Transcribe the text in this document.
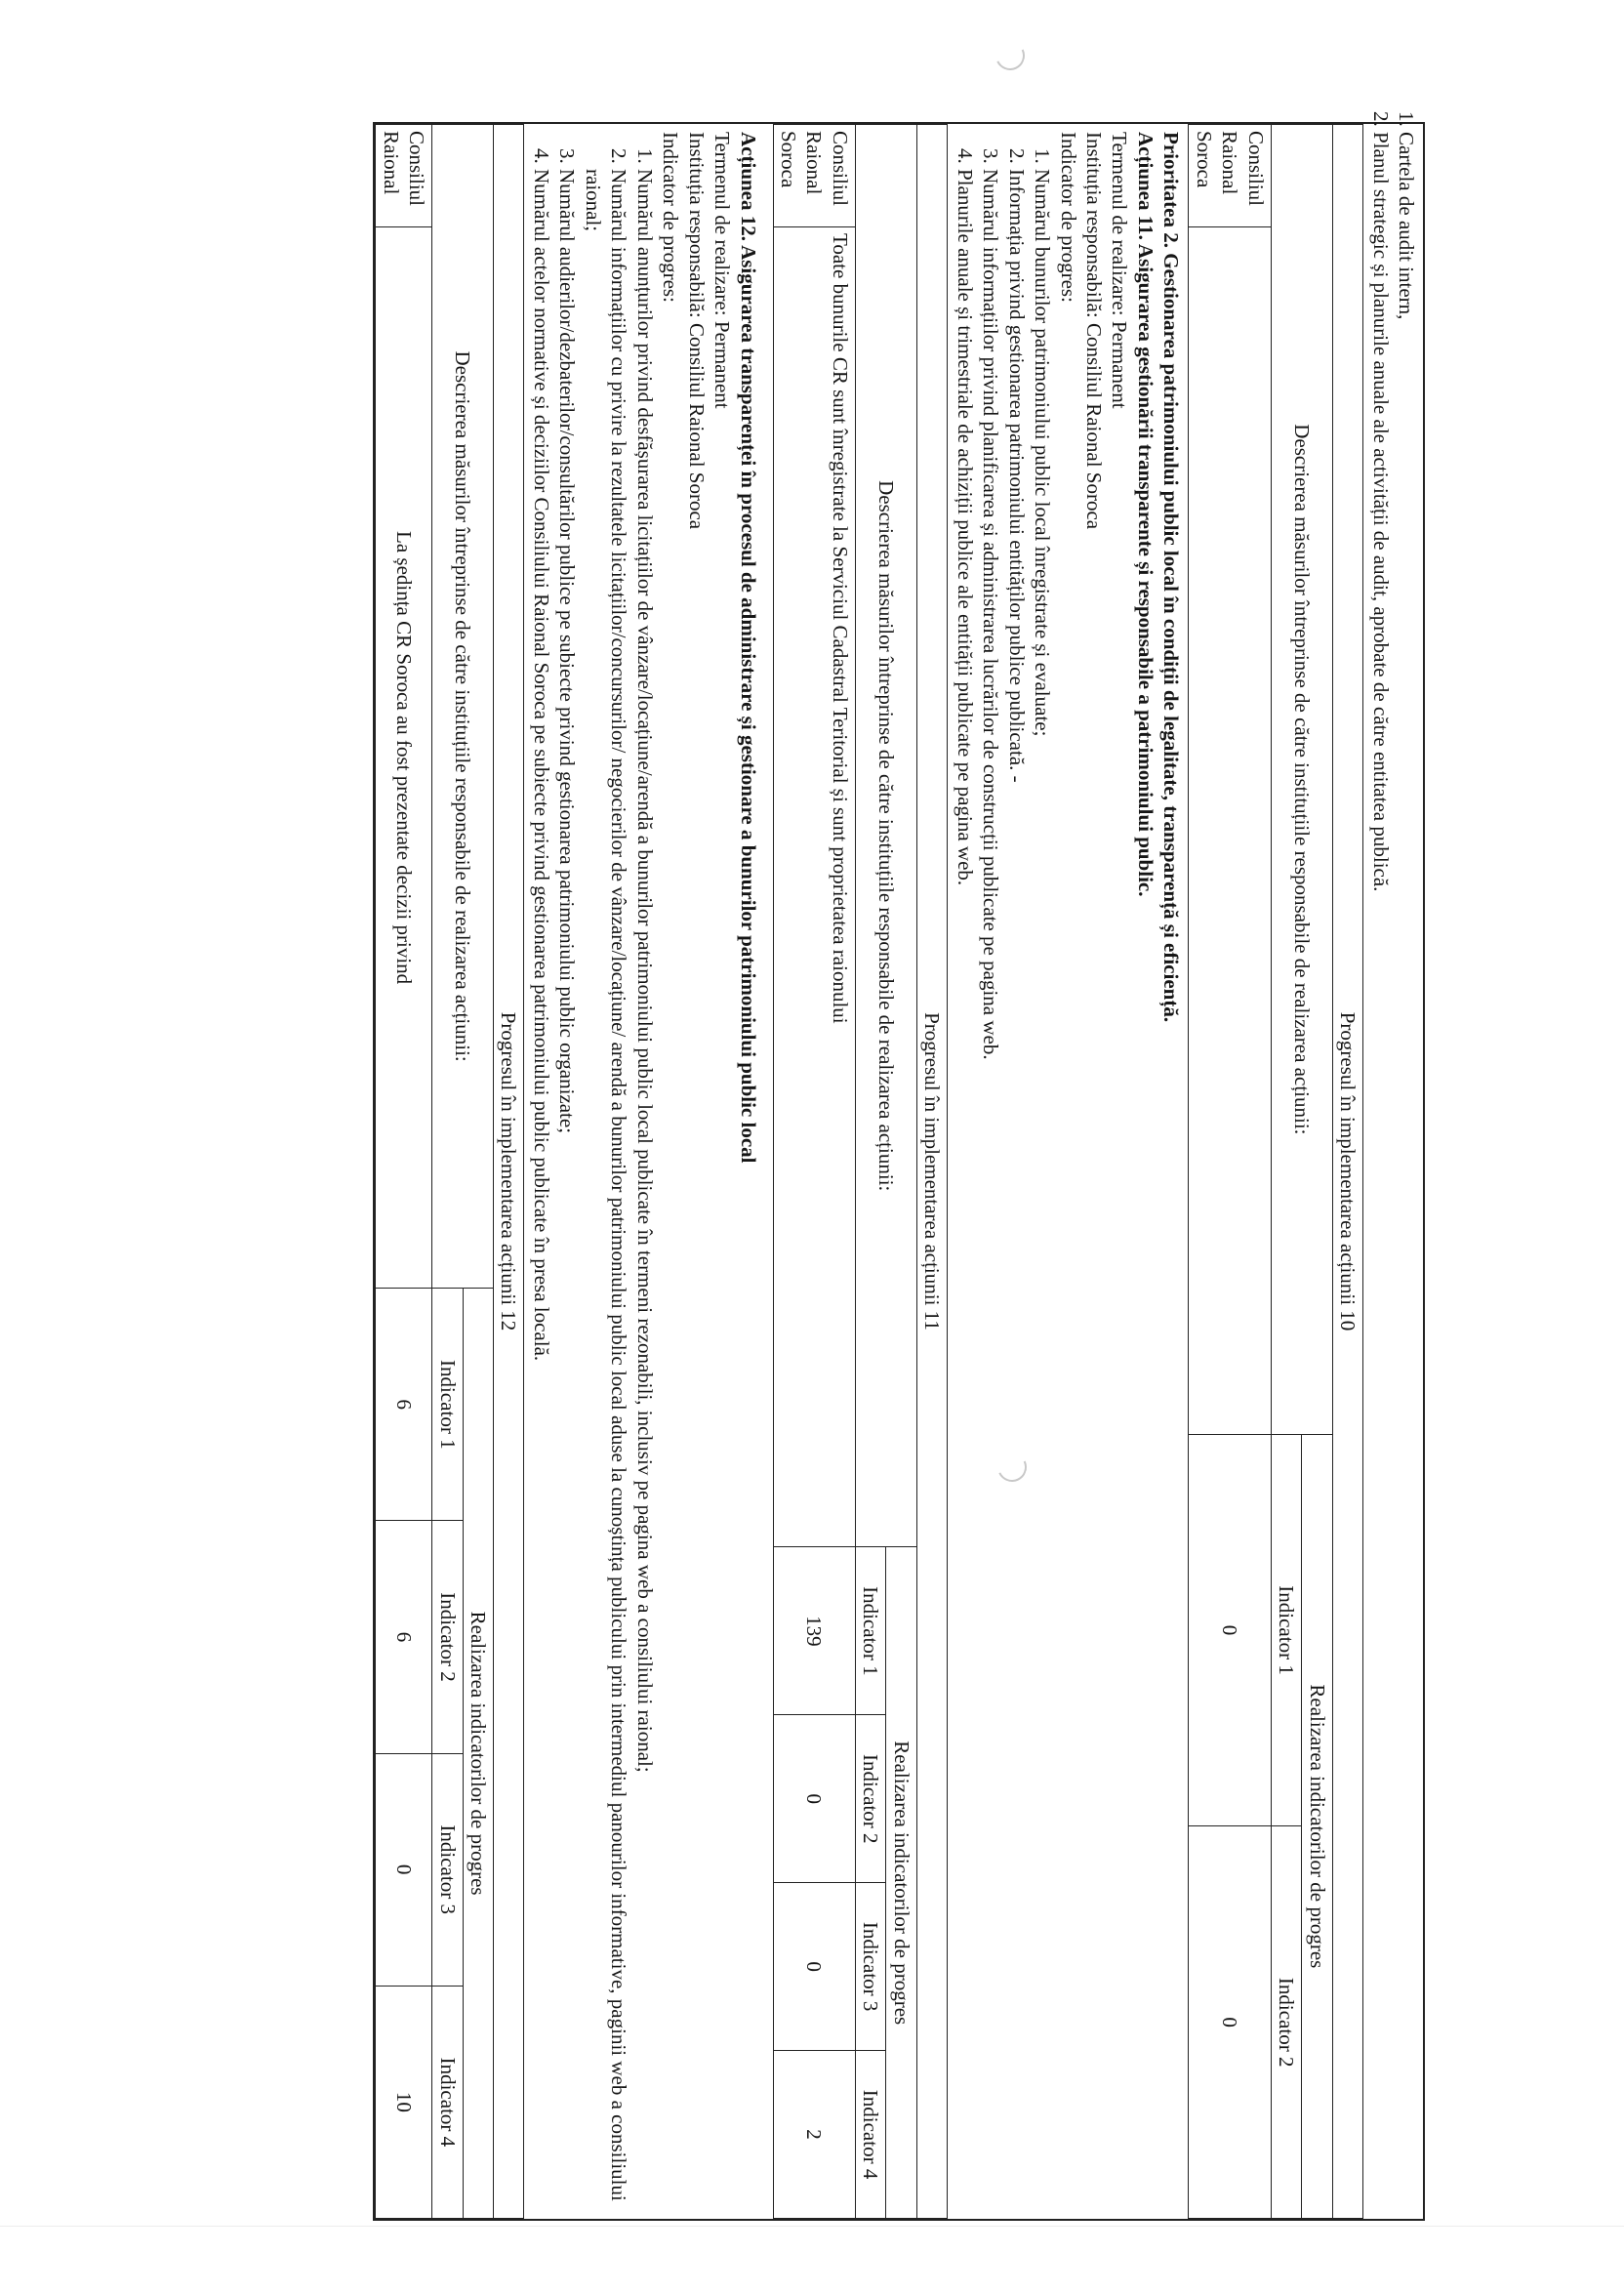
1. Cartela de audit intern,
2. Planul strategic și planurile anuale ale activității de audit, aprobate de către entitatea publică.
Progresul în implementarea acțiunii 10			
Descrierea măsurilor întreprinse de către instituțiile responsabile de realizarea acțiunii:		Realizarea indicatorilor de progres	
		Indicator 1	Indicator 2
Consiliul Raional Soroca		0	0
Prioritatea 2. Gestionarea patrimoniului public local în condiții de legalitate, transparență și eficiență.
Acțiunea 11. Asigurarea gestionării transparente și responsabile a patrimoniului public.
Termenul de realizare: Permanent
Instituția responsabilă: Consiliul Raional Soroca
Indicator de progres:
1. Numărul bunurilor patrimoniului public local înregistrate și evaluate;
2. Informația privind gestionarea patrimoniului entităților publice publicată. -
3. Numărul informațiilor privind planificarea și administrarea lucrărilor de construcții publicate pe pagina web.
4. Planurile anuale și trimestriale de achiziții publice ale entității publicate pe pagina web.
Progresul în implementarea acțiunii 11					
Descrierea măsurilor întreprinse de către instituțiile responsabile de realizarea acțiunii:		Realizarea indicatorilor de progres			
		Indicator 1	Indicator 2	Indicator 3	Indicator 4
Consiliul Raional Soroca	Toate bunurile CR sunt înregistrate la Serviciul Cadastral Teritorial și sunt proprietatea raionului	139	0	0	2
Acțiunea 12. Asigurarea transparenței în procesul de administrare și gestionare a bunurilor patrimoniului public local
Termenul de realizare: Permanent
Instituția responsabilă: Consiliul Raional Soroca
Indicator de progres:
1. Numărul anunțurilor privind desfășurarea licitațiilor de vânzare/locațiune/arendă a bunurilor patrimoniului public local publicate în termeni rezonabili, inclusiv pe pagina web a consiliului raional;
2. Numărul informațiilor cu privire la rezultatele licitațiilor/concursurilor/ negocierilor de vânzare/locațiune/ arendă a bunurilor patrimoniului public local aduse la cunoștința publicului prin intermediul panourilor informative, paginii web a consiliului raional;
3. Numărul audierilor/dezbaterilor/consultărilor publice pe subiecte privind gestionarea patrimoniului public organizate;
4. Numărul actelor normative și deciziilor Consiliului Raional Soroca pe subiecte privind gestionarea patrimoniului public publicate în presa locală.
Progresul în implementarea acțiunii 12					
Descrierea măsurilor întreprinse de către instituțiile responsabile de realizarea acțiunii:		Realizarea indicatorilor de progres			
		Indicator 1	Indicator 2	Indicator 3	Indicator 4
Consiliul Raional	La ședința CR Soroca au fost prezentate decizii privind	6	6	0	10
